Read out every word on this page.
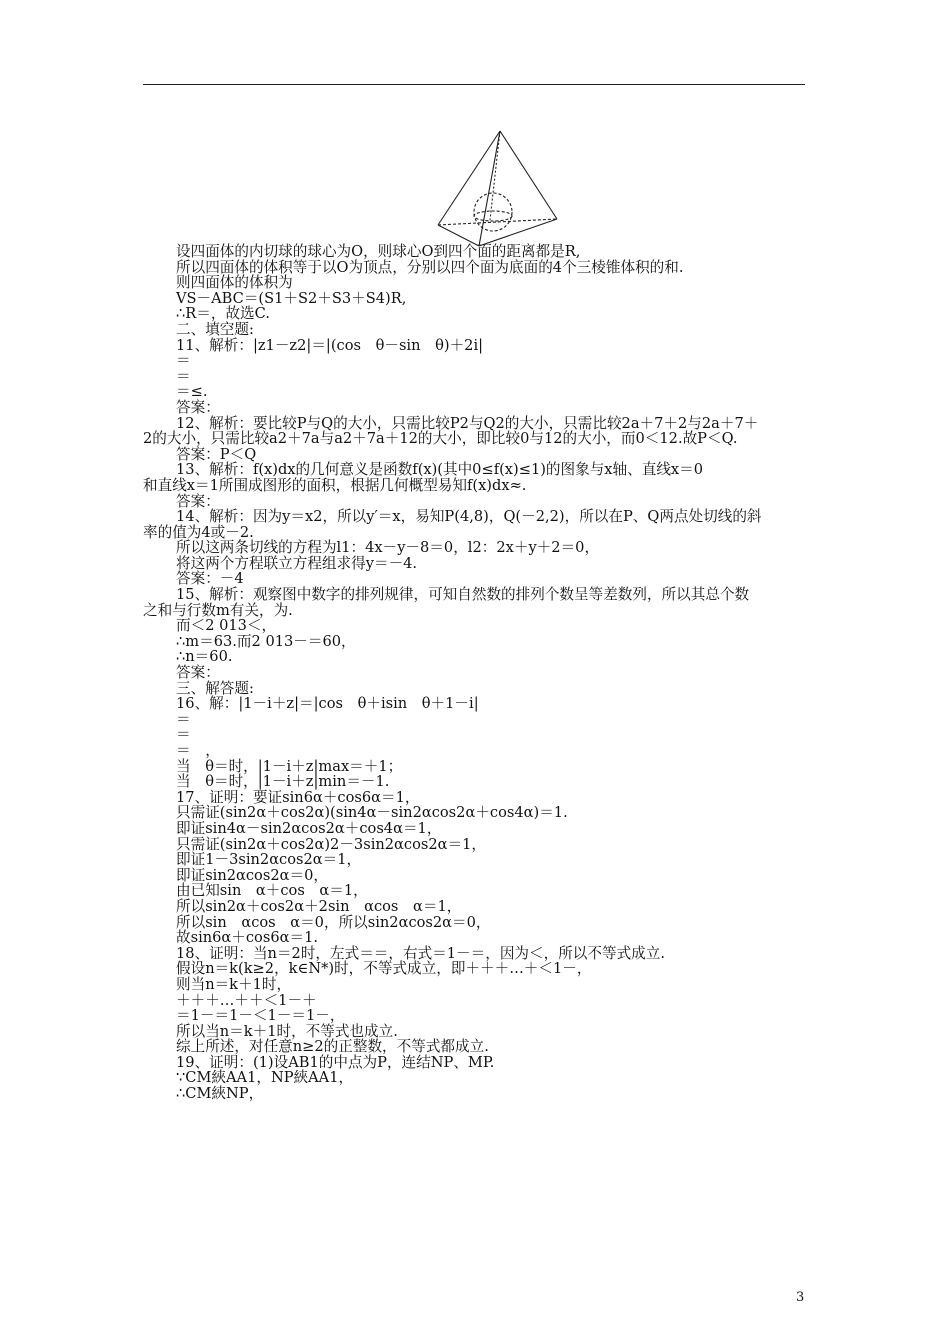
设四面体的内切球的球心为O，则球心O到四个面的距离都是R,
所以四面体的体积等于以O为顶点，分别以四个面为底面的4个三棱锥体积的和.
则四面体的体积为
VS－ABC＝(S1＋S2＋S3＋S4)R,
∴R＝，故选C.
二、填空题:
11、解析：|z1－z2|＝|(cos　θ－sin　θ)＋2i|
＝
＝
＝≤.
答案：
12、解析：要比较P与Q的大小，只需比较P2与Q2的大小，只需比较2a＋7＋2与2a＋7＋
2的大小，只需比较a2＋7a与a2＋7a＋12的大小，即比较0与12的大小，而0＜12.故P＜Q.
答案：P＜Q
13、解析：f(x)dx的几何意义是函数f(x)(其中0≤f(x)≤1)的图象与x轴、直线x＝0
和直线x＝1所围成图形的面积，根据几何概型易知f(x)dx≈.
答案：
14、解析：因为y＝x2，所以y′＝x，易知P(4,8)，Q(－2,2)，所以在P、Q两点处切线的斜
率的值为4或－2.
所以这两条切线的方程为l1：4x－y－8＝0，l2：2x＋y＋2＝0，
将这两个方程联立方程组求得y＝－4.
答案：－4
15、解析：观察图中数字的排列规律，可知自然数的排列个数呈等差数列，所以其总个数
之和与行数m有关，为.
而＜2 013＜，
∴m＝63.而2 013－＝60，
∴n＝60.
答案：
三、解答题:
16、解：|1－i＋z|＝|cos　θ＋isin　θ＋1－i|
＝
＝
＝　，
当　θ＝时，|1－i＋z|max＝＋1；
当　θ＝时，|1－i＋z|min＝－1.
17、证明：要证sin6α＋cos6α＝1，
只需证(sin2α＋cos2α)(sin4α－sin2αcos2α＋cos4α)＝1.
即证sin4α－sin2αcos2α＋cos4α＝1，
只需证(sin2α＋cos2α)2－3sin2αcos2α＝1，
即证1－3sin2αcos2α＝1，
即证sin2αcos2α＝0，
由已知sin　α＋cos　α＝1，
所以sin2α＋cos2α＋2sin　αcos　α＝1，
所以sin　αcos　α＝0，所以sin2αcos2α＝0，
故sin6α＋cos6α＝1.
18、证明：当n＝2时，左式＝＝，右式＝1－＝，因为＜，所以不等式成立.
假设n＝k(k≥2，k∈N*)时，不等式成立，即＋＋＋…＋＜1－，
则当n＝k＋1时，
＋＋＋…＋＋＜1－＋
＝1－＝1－＜1－＝1－，
所以当n＝k＋1时，不等式也成立.
综上所述，对任意n≥2的正整数，不等式都成立.
19、证明：(1)设AB1的中点为P，连结NP、MP.
∵CM綊AA1，NP綊AA1，
∴CM綊NP，
3
